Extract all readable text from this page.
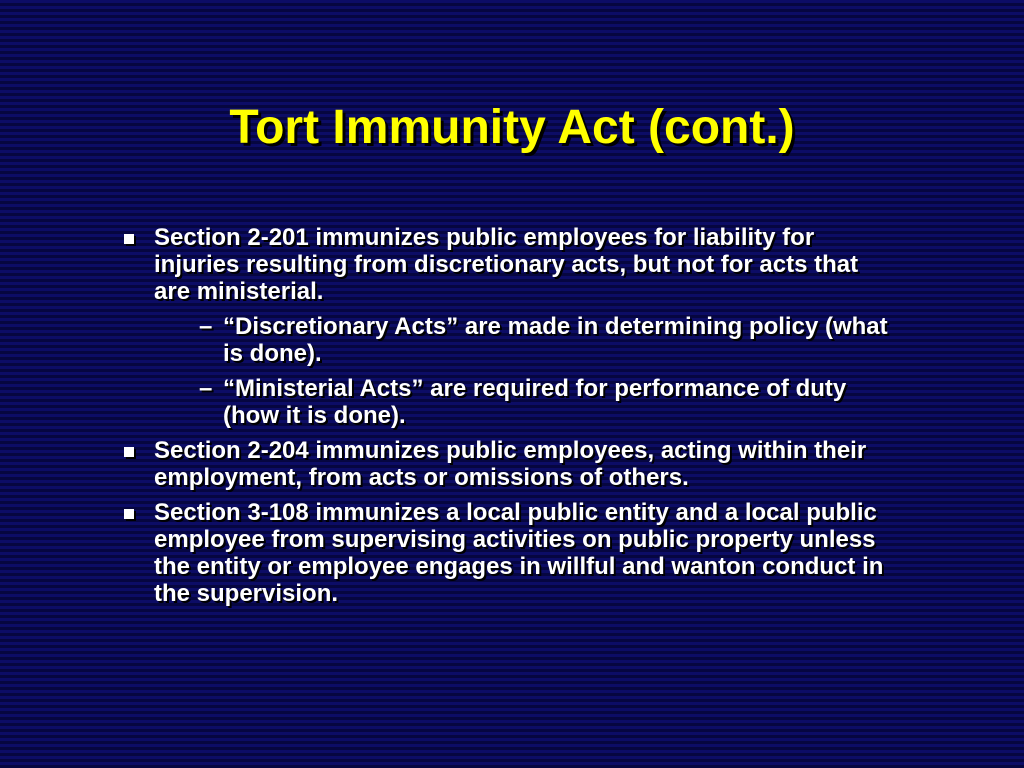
Tort Immunity Act (cont.)
Section 2-201 immunizes public employees for liability for injuries resulting from discretionary acts, but not for acts that are ministerial.
– “Discretionary Acts” are made in determining policy (what is done).
– “Ministerial Acts” are required for performance of duty (how it is done).
Section 2-204 immunizes public employees, acting within their employment, from acts or omissions of others.
Section 3-108 immunizes a local public entity and a local public employee from supervising activities on public property unless the entity or employee engages in willful and wanton conduct in the supervision.
